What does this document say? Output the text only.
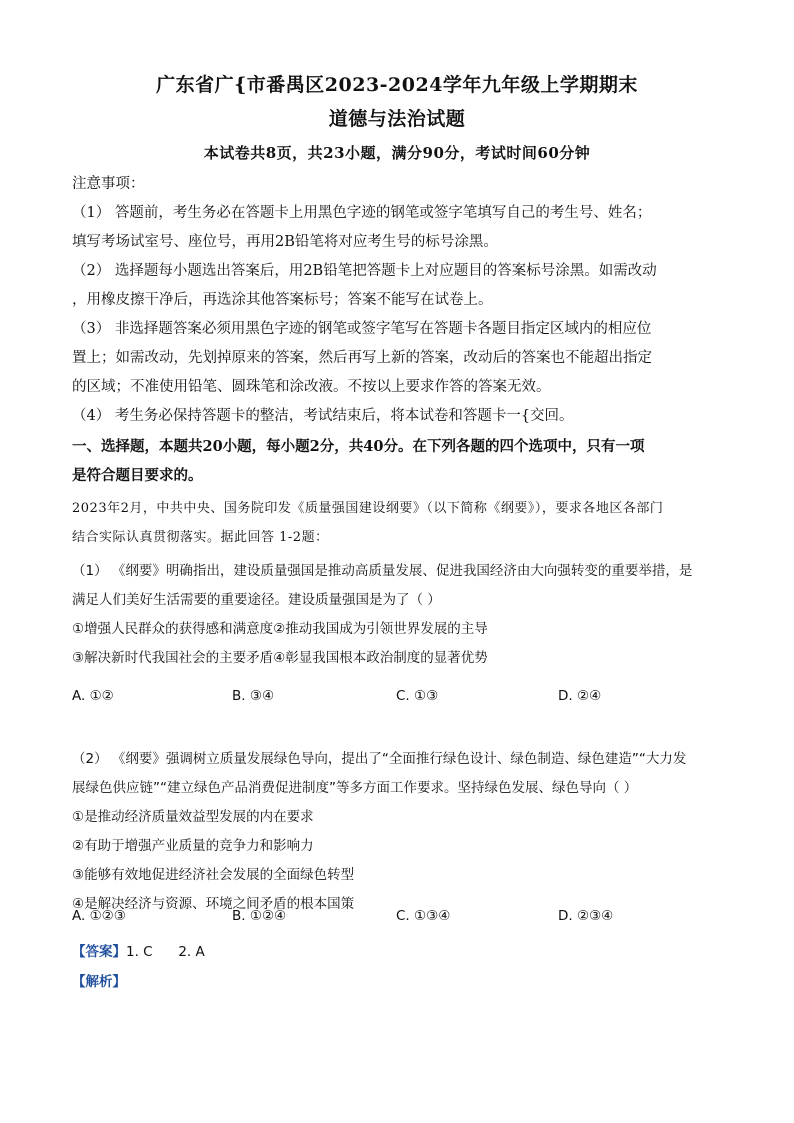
广东省广{市番禺区2023-2024学年九年级上学期期末
道德与法治试题
本试卷共8页，共23小题，满分90分，考试时间60分钟
注意事项：
（1） 答题前，考生务必在答题卡上用黑色字迹的钢笔或签字笔填写自己的考生号、姓名；
填写考场试室号、座位号，再用2B铅笔将对应考生号的标号涂黑。
（2） 选择题每小题选出答案后，用2B铅笔把答题卡上对应题目的答案标号涂黑。如需改动
，用橡皮擦干净后，再选涂其他答案标号；答案不能写在试卷上。
（3） 非选择题答案必须用黑色字迹的钢笔或签字笔写在答题卡各题目指定区域内的相应位
置上；如需改动，先划掉原来的答案，然后再写上新的答案，改动后的答案也不能超出指定
的区域；不准使用铅笔、圆珠笔和涂改液。不按以上要求作答的答案无效。
（4） 考生务必保持答题卡的整洁，考试结束后，将本试卷和答题卡一{交回。
一、选择题，本题共20小题，每小题2分，共40分。在下列各题的四个选项中，只有一项
是符合题目要求的。
2023年2月，中共中央、国务院印发《质量强国建设纲要》（以下简称《纲要》），要求各地区各部门
结合实际认真贯彻落实。据此回答 1-2题：
（1） 《纲要》明确指出，建设质量强国是推动高质量发展、促进我国经济由大向强转变的重要举措，是
满足人们美好生活需要的重要途径。建设质量强国是为了（ ）
①增强人民群众的获得感和满意度②推动我国成为引领世界发展的主导
③解决新时代我国社会的主要矛盾④彰显我国根本政治制度的显著优势
A. ①②	B. ③④	C. ①③	D. ②④
（2） 《纲要》强调树立质量发展绿色导向，提出了“全面推行绿色设计、绿色制造、绿色建造”“大力发
展绿色供应链”“建立绿色产品消费促进制度”等多方面工作要求。坚持绿色发展、绿色导向（ ）
①是推动经济质量效益型发展的内在要求
②有助于增强产业质量的竞争力和影响力
③能够有效地促进经济社会发展的全面绿色转型
④是解决经济与资源、环境之间矛盾的根本国策
A. ①②③	B. ①②④	C. ①③④	D. ②③④
【答案】1. C      2. A
【解析】
